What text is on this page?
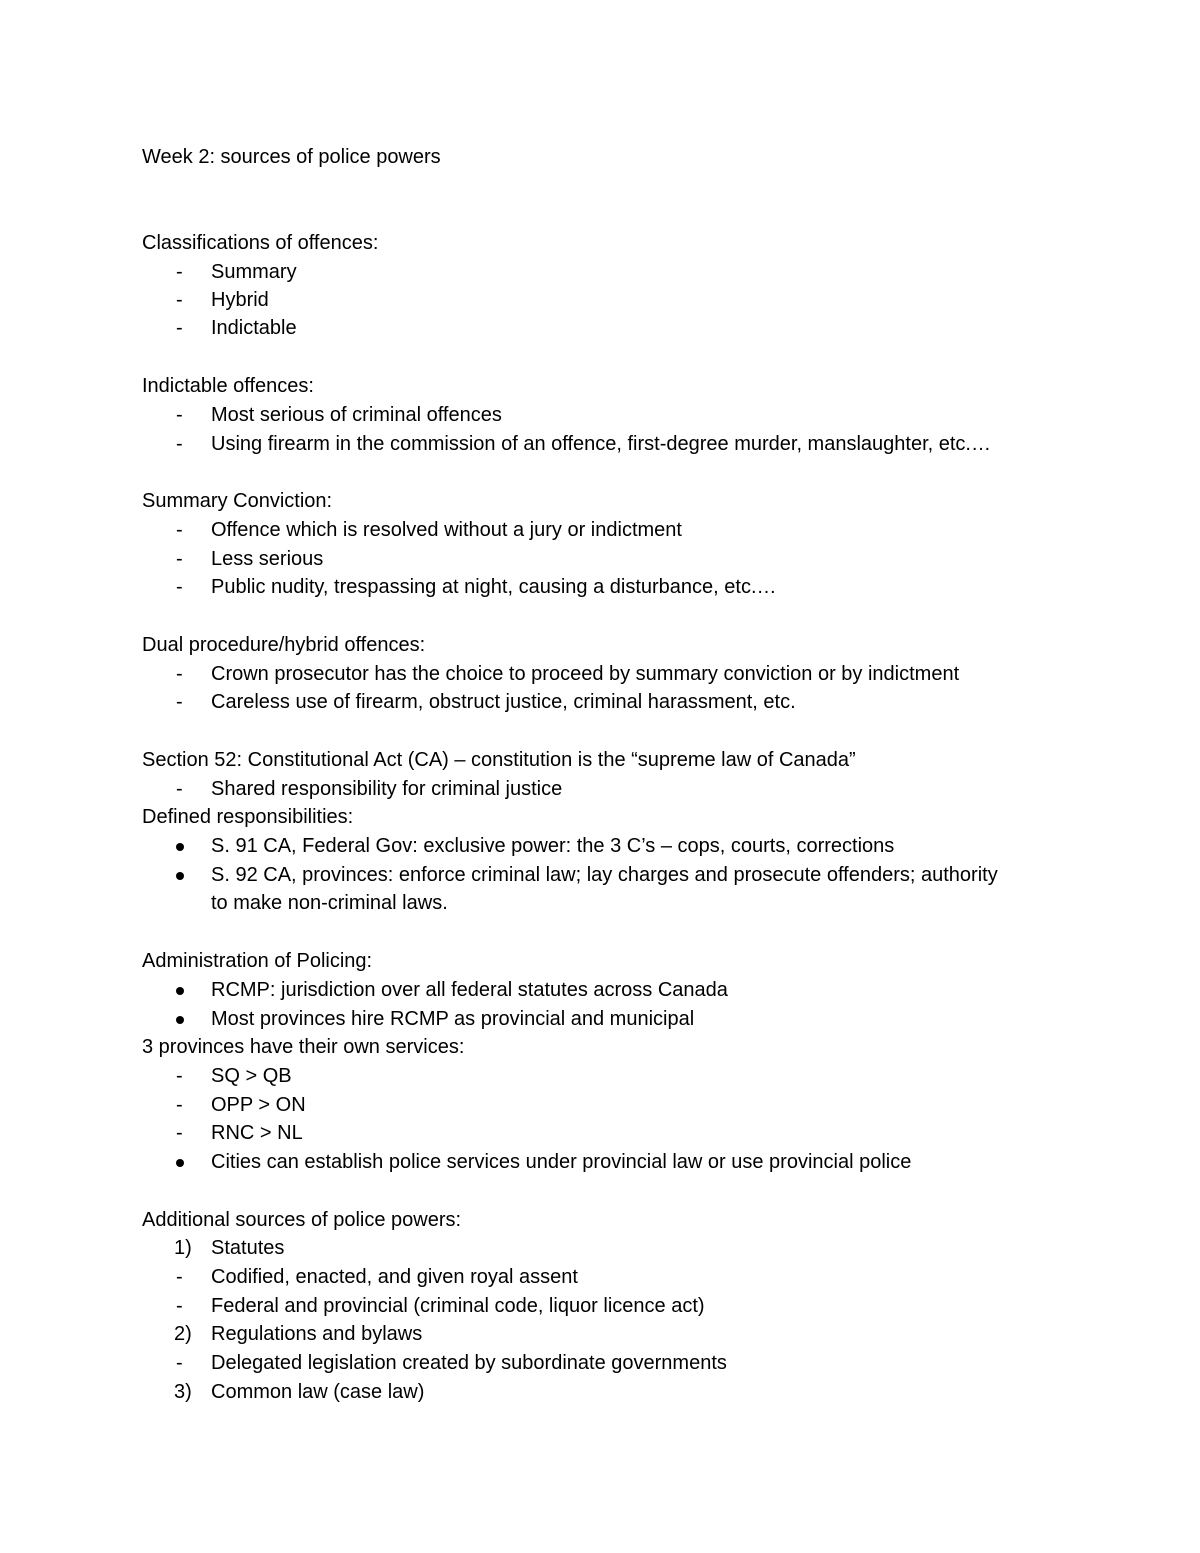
Week 2: sources of police powers
Classifications of offences:
- Summary
- Hybrid
- Indictable
Indictable offences:
- Most serious of criminal offences
- Using firearm in the commission of an offence, first-degree murder, manslaughter, etc.…
Summary Conviction:
- Offence which is resolved without a jury or indictment
- Less serious
- Public nudity, trespassing at night, causing a disturbance, etc.…
Dual procedure/hybrid offences:
- Crown prosecutor has the choice to proceed by summary conviction or by indictment
- Careless use of firearm, obstruct justice, criminal harassment, etc.
Section 52: Constitutional Act (CA) – constitution is the “supreme law of Canada”
- Shared responsibility for criminal justice
Defined responsibilities:
S. 91 CA, Federal Gov: exclusive power: the 3 C’s – cops, courts, corrections
S. 92 CA, provinces: enforce criminal law; lay charges and prosecute offenders; authority
to make non-criminal laws.
Administration of Policing:
RCMP: jurisdiction over all federal statutes across Canada
Most provinces hire RCMP as provincial and municipal
3 provinces have their own services:
- SQ > QB
- OPP > ON
- RNC > NL
Cities can establish police services under provincial law or use provincial police
Additional sources of police powers:
1) Statutes
- Codified, enacted, and given royal assent
- Federal and provincial (criminal code, liquor licence act)
2) Regulations and bylaws
- Delegated legislation created by subordinate governments
3) Common law (case law)
